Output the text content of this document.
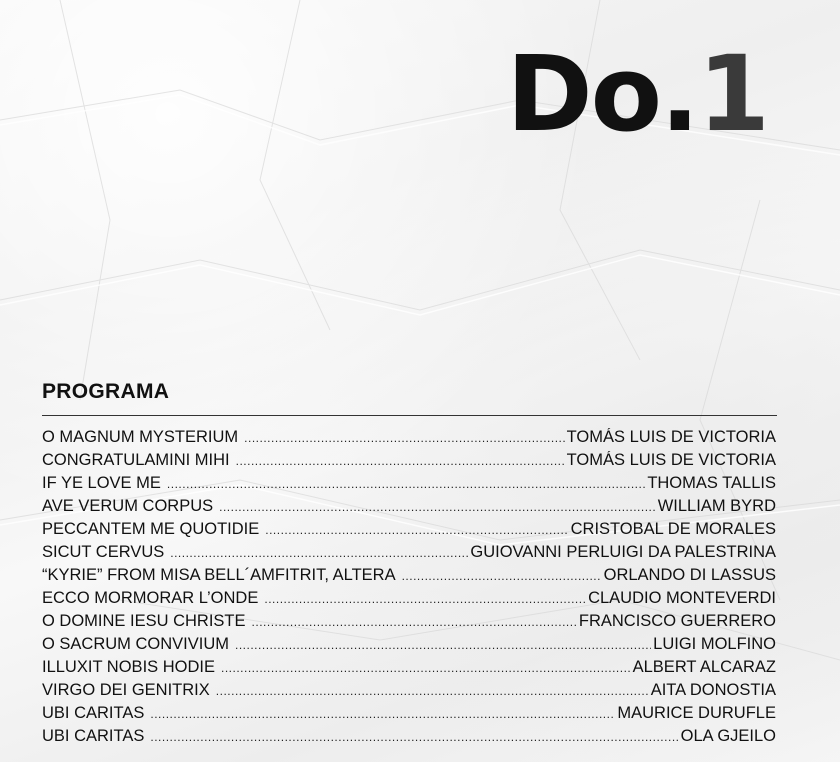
Do.1
PROGRAMA
O MAGNUM MYSTERIUM .....	TOMÁS LUIS DE VICTORIA
CONGRATULAMINI MIHI .....	TOMÁS LUIS DE VICTORIA
IF YE LOVE ME .....	THOMAS TALLIS
AVE VERUM CORPUS .....	WILLIAM BYRD
PECCANTEM ME QUOTIDIE .....	CRISTOBAL DE MORALES
SICUT CERVUS .....	GUIOVANNI PERLUIGI DA PALESTRINA
“KYRIE” FROM MISA BELL´AMFITRIT, ALTERA .....	ORLANDO DI LASSUS
ECCO MORMORAR L’ONDE .....	CLAUDIO MONTEVERDI
O DOMINE IESU CHRISTE .....	FRANCISCO GUERRERO
O SACRUM CONVIVIUM .....	LUIGI MOLFINO
ILLUXIT NOBIS HODIE .....	ALBERT ALCARAZ
VIRGO DEI GENITRIX .....	AITA DONOSTIA
UBI CARITAS .....	MAURICE DURUFLE
UBI CARITAS .....	OLA GJEILO
